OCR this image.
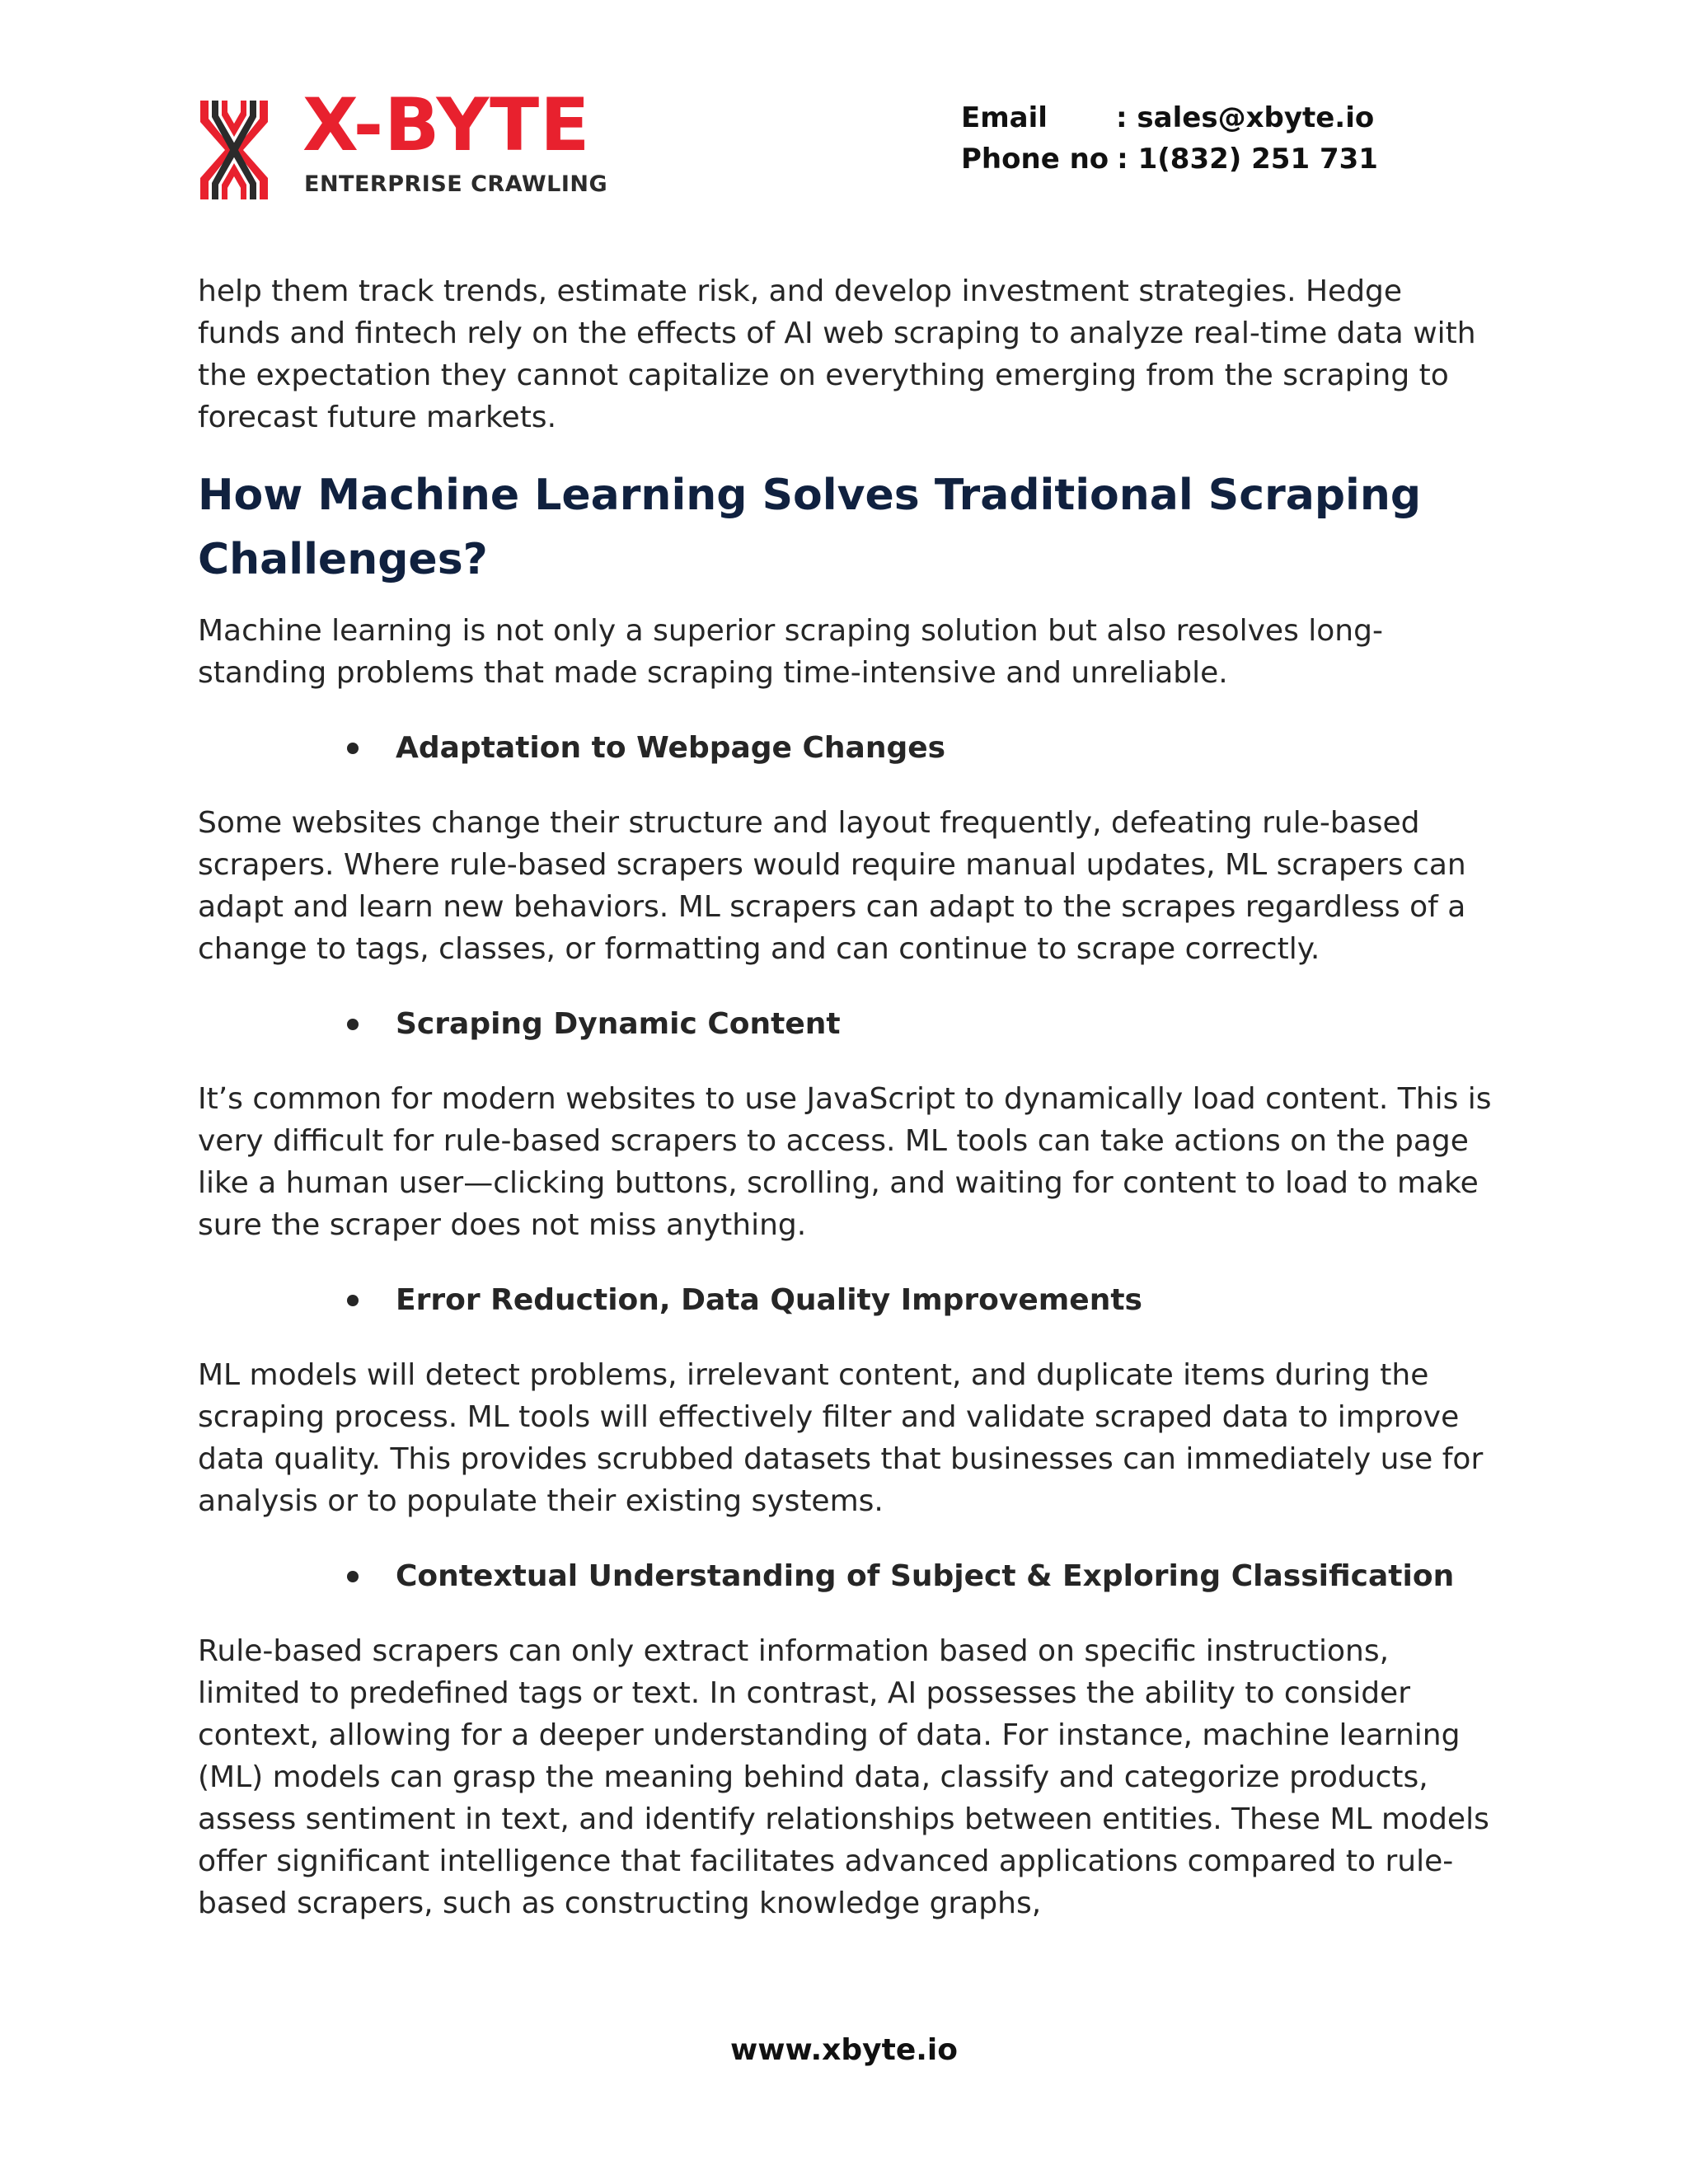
X-BYTE
ENTERPRISE CRAWLING
Email	: sales@xbyte.io
Phone no : 1(832) 251 731

help them track trends, estimate risk, and develop investment strategies. Hedge funds and fintech rely on the effects of AI web scraping to analyze real-time data with the expectation they cannot capitalize on everything emerging from the scraping to forecast future markets.

How Machine Learning Solves Traditional Scraping Challenges?

Machine learning is not only a superior scraping solution but also resolves long-standing problems that made scraping time-intensive and unreliable.

Adaptation to Webpage Changes

Some websites change their structure and layout frequently, defeating rule-based scrapers. Where rule-based scrapers would require manual updates, ML scrapers can adapt and learn new behaviors. ML scrapers can adapt to the scrapes regardless of a change to tags, classes, or formatting and can continue to scrape correctly.

Scraping Dynamic Content

It’s common for modern websites to use JavaScript to dynamically load content. This is very difficult for rule-based scrapers to access. ML tools can take actions on the page like a human user—clicking buttons, scrolling, and waiting for content to load to make sure the scraper does not miss anything.

Error Reduction, Data Quality Improvements

ML models will detect problems, irrelevant content, and duplicate items during the scraping process. ML tools will effectively filter and validate scraped data to improve data quality. This provides scrubbed datasets that businesses can immediately use for analysis or to populate their existing systems.

Contextual Understanding of Subject & Exploring Classification

Rule-based scrapers can only extract information based on specific instructions, limited to predefined tags or text. In contrast, AI possesses the ability to consider context, allowing for a deeper understanding of data. For instance, machine learning (ML) models can grasp the meaning behind data, classify and categorize products, assess sentiment in text, and identify relationships between entities. These ML models offer significant intelligence that facilitates advanced applications compared to rule-based scrapers, such as constructing knowledge graphs,

www.xbyte.io
